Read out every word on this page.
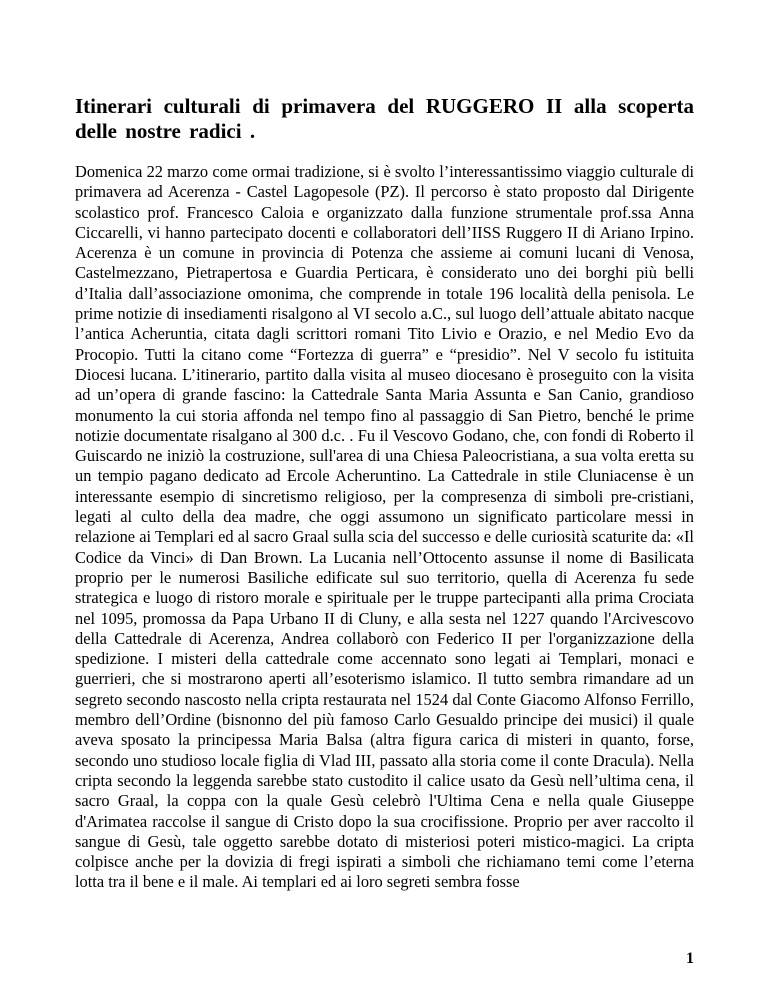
Itinerari culturali di primavera del RUGGERO II alla scoperta delle nostre radici .

Domenica 22 marzo come ormai tradizione, si è svolto l’interessantissimo viaggio culturale di primavera ad Acerenza - Castel Lagopesole (PZ). Il percorso è stato proposto dal Dirigente scolastico prof. Francesco Caloia e organizzato dalla funzione strumentale prof.ssa Anna Ciccarelli, vi hanno partecipato docenti e collaboratori dell’IISS Ruggero II di Ariano Irpino. Acerenza è un comune in provincia di Potenza che assieme ai comuni lucani di Venosa, Castelmezzano, Pietrapertosa e Guardia Perticara, è considerato uno dei borghi più belli d’Italia dall’associazione omonima, che comprende in totale 196 località della penisola. Le prime notizie di insediamenti risalgono al VI secolo a.C., sul luogo dell’attuale abitato nacque l’antica Acheruntia, citata dagli scrittori romani Tito Livio e Orazio, e nel Medio Evo da Procopio. Tutti la citano come “Fortezza di guerra” e “presidio”. Nel V secolo fu istituita Diocesi lucana. L’itinerario, partito dalla visita al museo diocesano è proseguito con la visita ad un’opera di grande fascino: la Cattedrale Santa Maria Assunta e San Canio, grandioso monumento la cui storia affonda nel tempo fino al passaggio di San Pietro, benché le prime notizie documentate risalgano al 300 d.c. . Fu il Vescovo Godano, che, con fondi di Roberto il Guiscardo ne iniziò la costruzione, sull'area di una Chiesa Paleocristiana, a sua volta eretta su un tempio pagano dedicato ad Ercole Acheruntino. La Cattedrale in stile Cluniacense è un interessante esempio di sincretismo religioso, per la compresenza di simboli pre-cristiani, legati al culto della dea madre, che oggi assumono un significato particolare messi in relazione ai Templari ed al sacro Graal sulla scia del successo e delle curiosità scaturite da: «Il Codice da Vinci» di Dan Brown. La Lucania nell’Ottocento assunse il nome di Basilicata proprio per le numerosi Basiliche edificate sul suo territorio, quella di Acerenza fu sede strategica e luogo di ristoro morale e spirituale per le truppe partecipanti alla prima Crociata nel 1095, promossa da Papa Urbano II di Cluny, e alla sesta nel 1227 quando l'Arcivescovo della Cattedrale di Acerenza, Andrea collaborò con Federico II per l'organizzazione della spedizione. I misteri della cattedrale come accennato sono legati ai Templari, monaci e guerrieri, che si mostrarono aperti all’esoterismo islamico. Il tutto sembra rimandare ad un segreto secondo nascosto nella cripta restaurata nel 1524 dal Conte Giacomo Alfonso Ferrillo, membro dell’Ordine (bisnonno del più famoso Carlo Gesualdo principe dei musici) il quale aveva sposato la principessa Maria Balsa (altra figura carica di misteri in quanto, forse, secondo uno studioso locale figlia di Vlad III, passato alla storia come il conte Dracula). Nella cripta secondo la leggenda sarebbe stato custodito il calice usato da Gesù nell’ultima cena, il sacro Graal, la coppa con la quale Gesù celebrò l'Ultima Cena e nella quale Giuseppe d'Arimatea raccolse il sangue di Cristo dopo la sua crocifissione. Proprio per aver raccolto il sangue di Gesù, tale oggetto sarebbe dotato di misteriosi poteri mistico-magici. La cripta colpisce anche per la dovizia di fregi ispirati a simboli che richiamano temi come l’eterna lotta tra il bene e il male. Ai templari ed ai loro segreti sembra fosse

1
